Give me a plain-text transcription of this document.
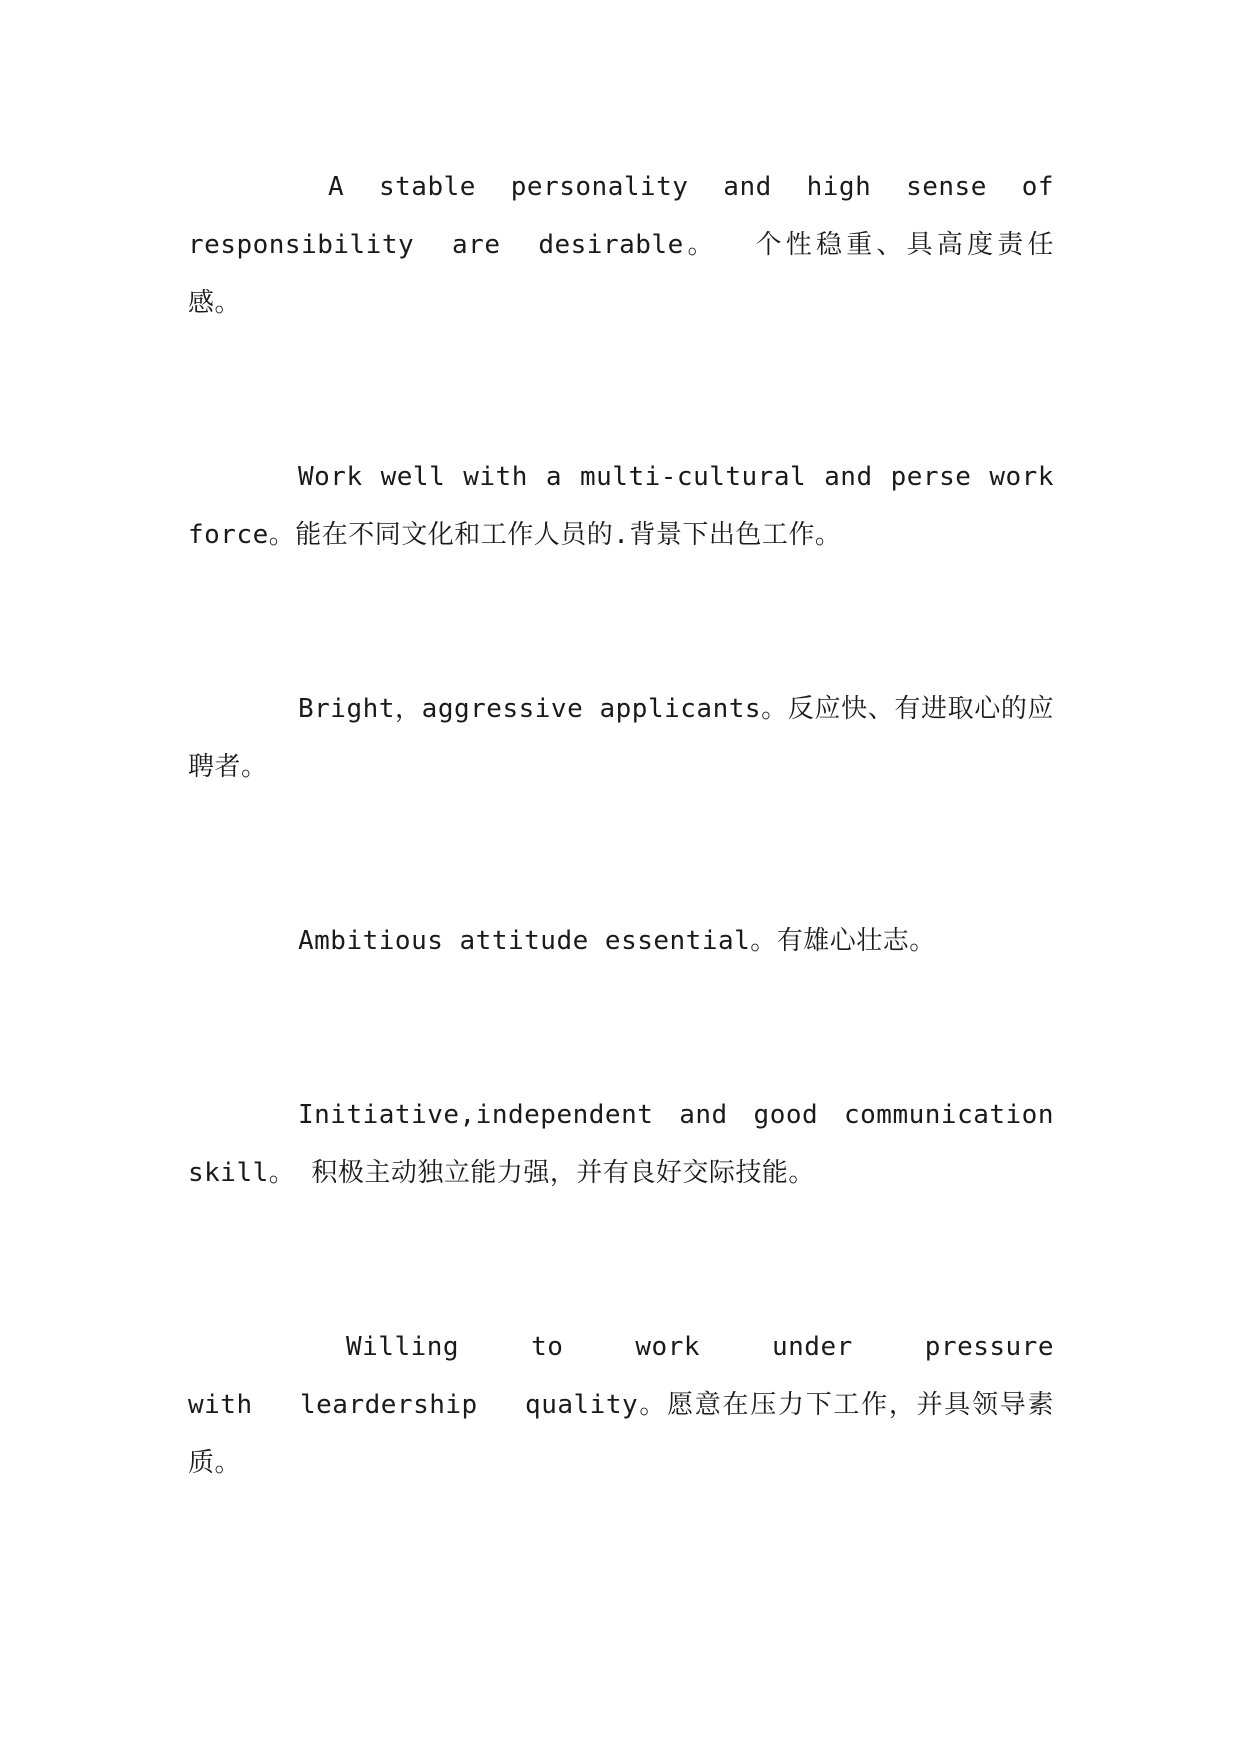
A stable personality and high sense of responsibility are desirable。 个性稳重、具高度责任感。

Work well with a multi-cultural and perse work force。能在不同文化和工作人员的.背景下出色工作。

Bright，aggressive applicants。反应快、有进取心的应聘者。

Ambitious attitude essential。有雄心壮志。

Initiative,independent and good communication skill。 积极主动独立能力强，并有良好交际技能。

Willing to work under pressure with leardership quality。愿意在压力下工作，并具领导素质。
